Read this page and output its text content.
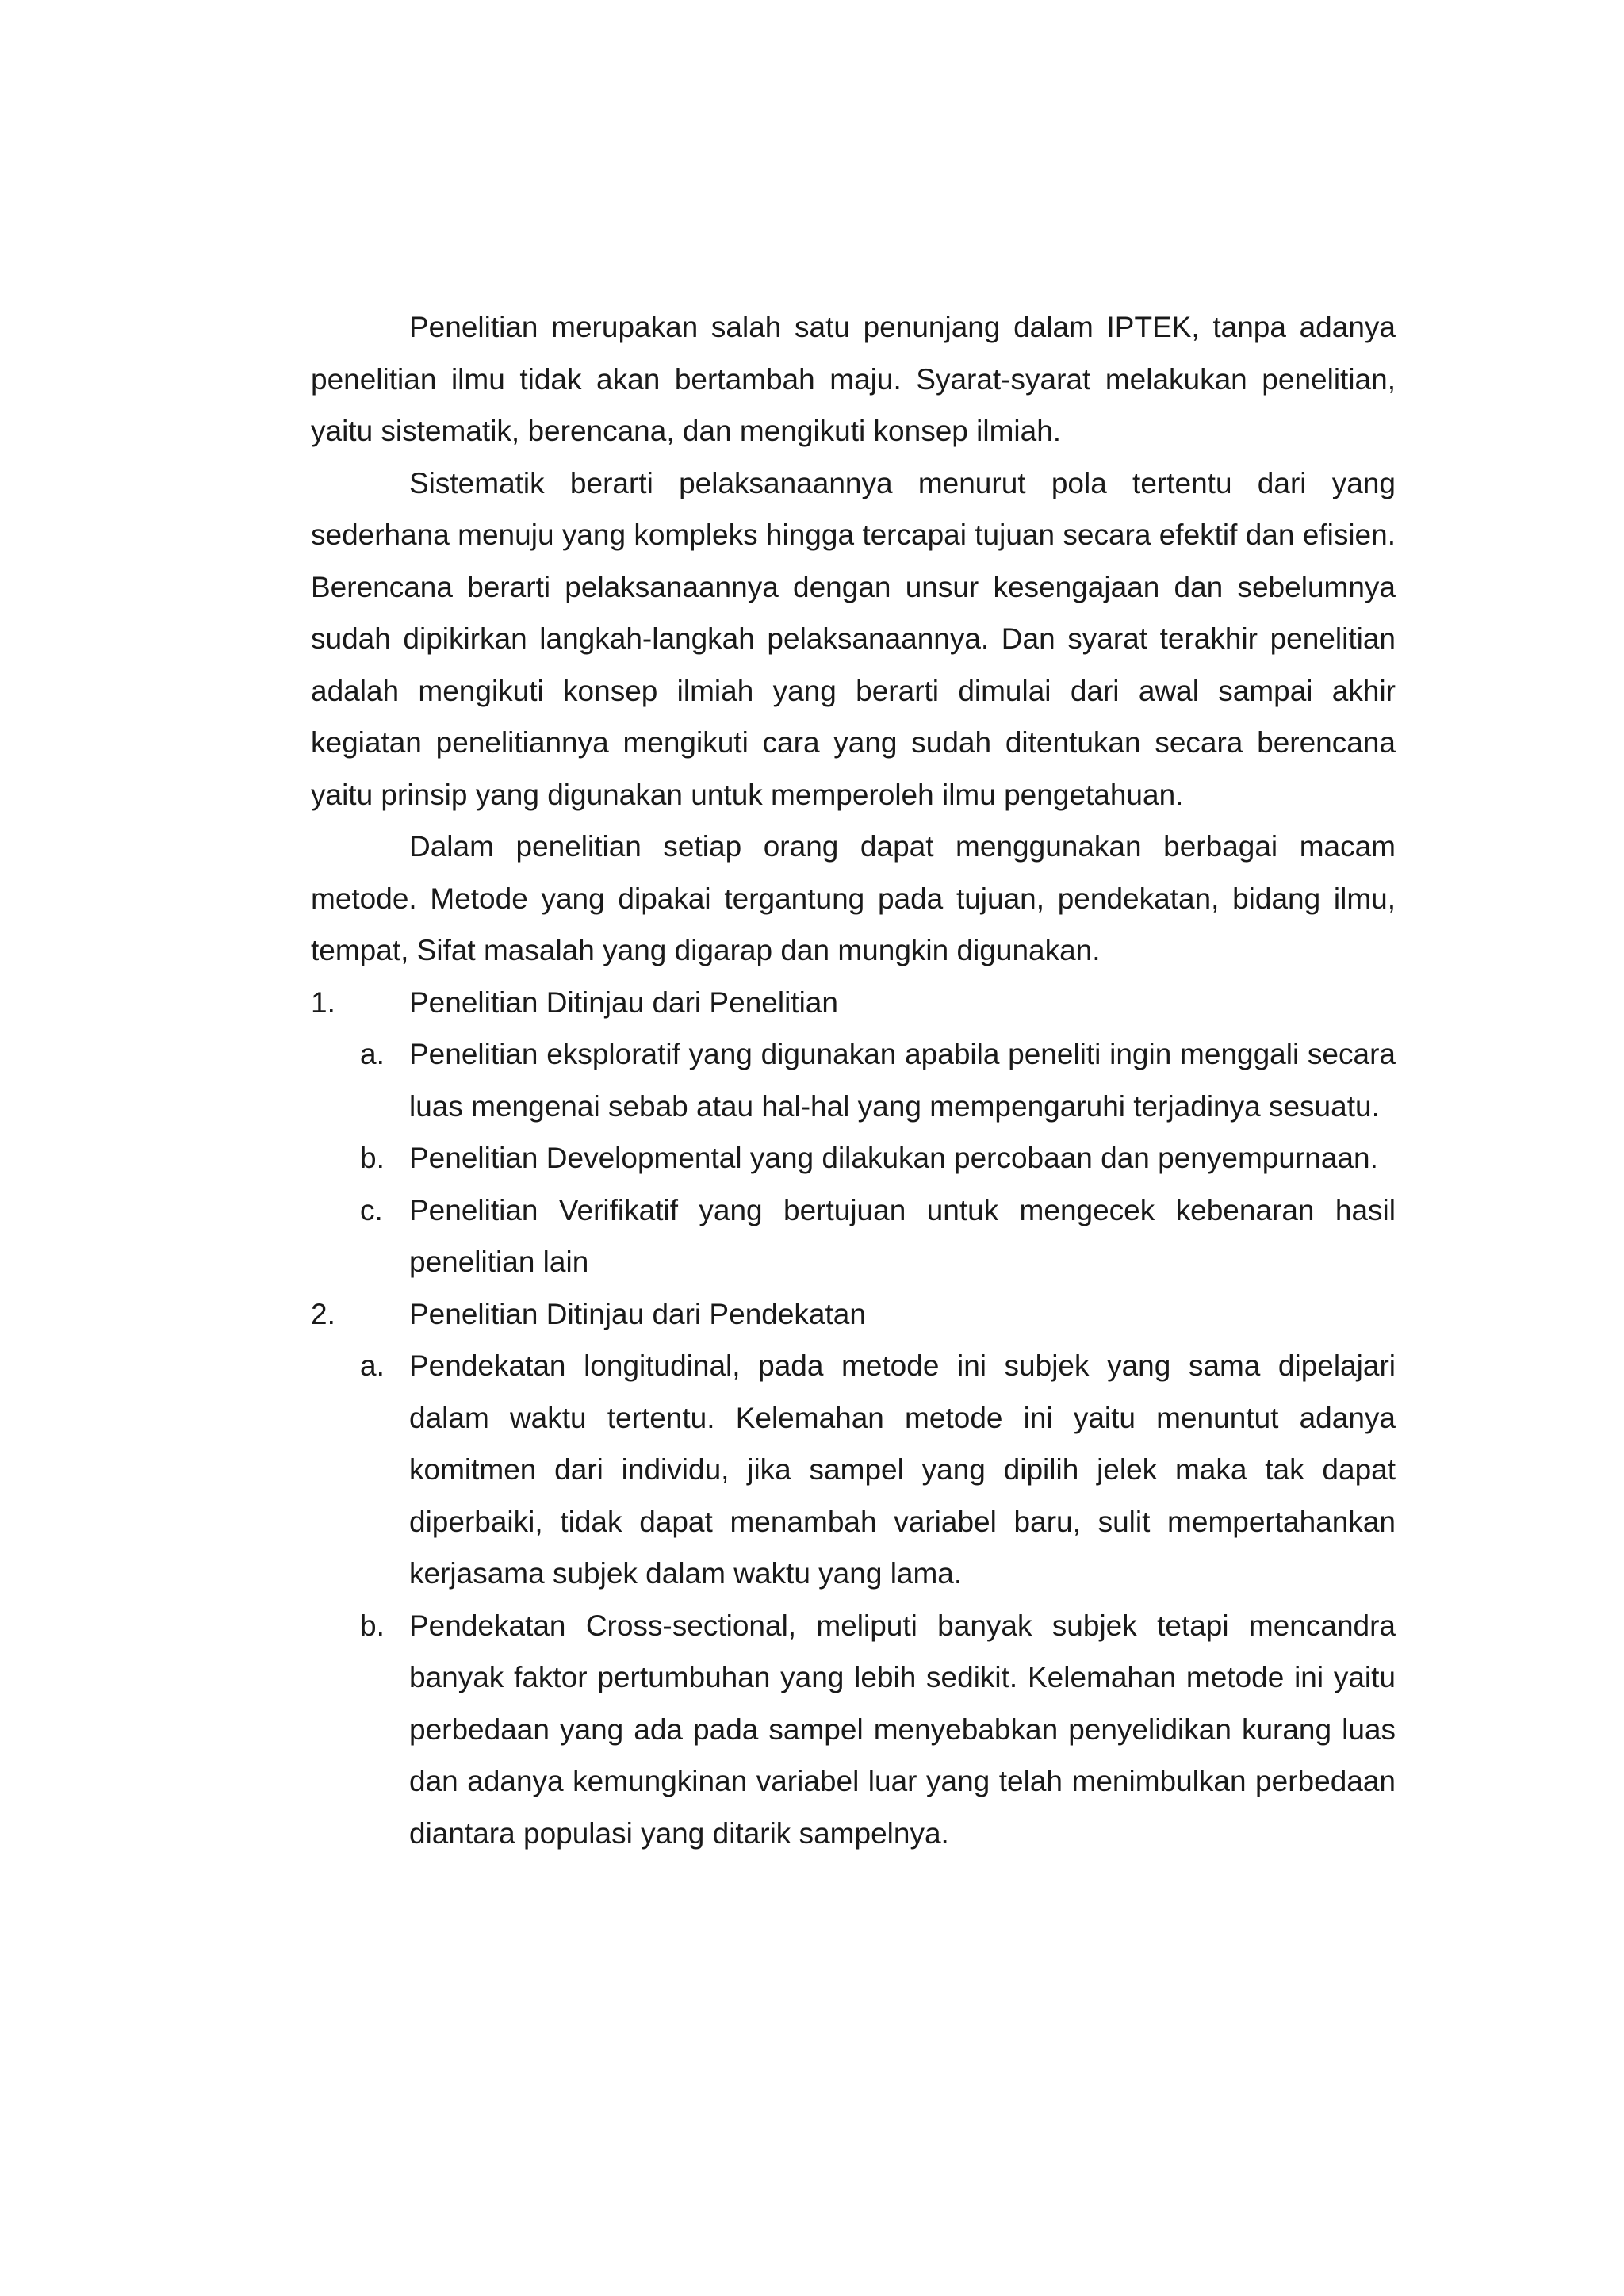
Penelitian merupakan salah satu penunjang dalam IPTEK, tanpa adanya penelitian ilmu tidak akan bertambah maju. Syarat-syarat melakukan penelitian, yaitu sistematik, berencana, dan mengikuti konsep ilmiah.

Sistematik berarti pelaksanaannya menurut pola tertentu dari yang sederhana menuju yang kompleks hingga tercapai tujuan secara efektif dan efisien. Berencana berarti pelaksanaannya dengan unsur kesengajaan dan sebelumnya sudah dipikirkan langkah-langkah pelaksanaannya. Dan syarat terakhir penelitian adalah mengikuti konsep ilmiah yang berarti dimulai dari awal sampai akhir kegiatan penelitiannya mengikuti cara yang sudah ditentukan secara berencana yaitu prinsip yang digunakan untuk memperoleh ilmu pengetahuan.

Dalam penelitian setiap orang dapat menggunakan berbagai macam metode. Metode yang dipakai tergantung pada tujuan, pendekatan, bidang ilmu, tempat, Sifat masalah yang digarap dan mungkin digunakan.

1.	Penelitian Ditinjau dari Penelitian
a. Penelitian eksploratif yang digunakan apabila peneliti ingin menggali secara luas mengenai sebab atau hal-hal yang mempengaruhi terjadinya sesuatu.
b. Penelitian Developmental yang dilakukan percobaan dan penyempurnaan.
c. Penelitian Verifikatif yang bertujuan untuk mengecek kebenaran hasil penelitian lain
2.	Penelitian Ditinjau dari Pendekatan
a. Pendekatan longitudinal, pada metode ini subjek yang sama dipelajari dalam waktu tertentu. Kelemahan metode ini yaitu menuntut adanya komitmen dari individu, jika sampel yang dipilih jelek maka tak dapat diperbaiki, tidak dapat menambah variabel baru, sulit mempertahankan kerjasama subjek dalam waktu yang lama.
b. Pendekatan Cross-sectional, meliputi banyak subjek tetapi mencandra banyak faktor pertumbuhan yang lebih sedikit. Kelemahan metode ini yaitu perbedaan yang ada pada sampel menyebabkan penyelidikan kurang luas dan adanya kemungkinan variabel luar yang telah menimbulkan perbedaan diantara populasi yang ditarik sampelnya.
